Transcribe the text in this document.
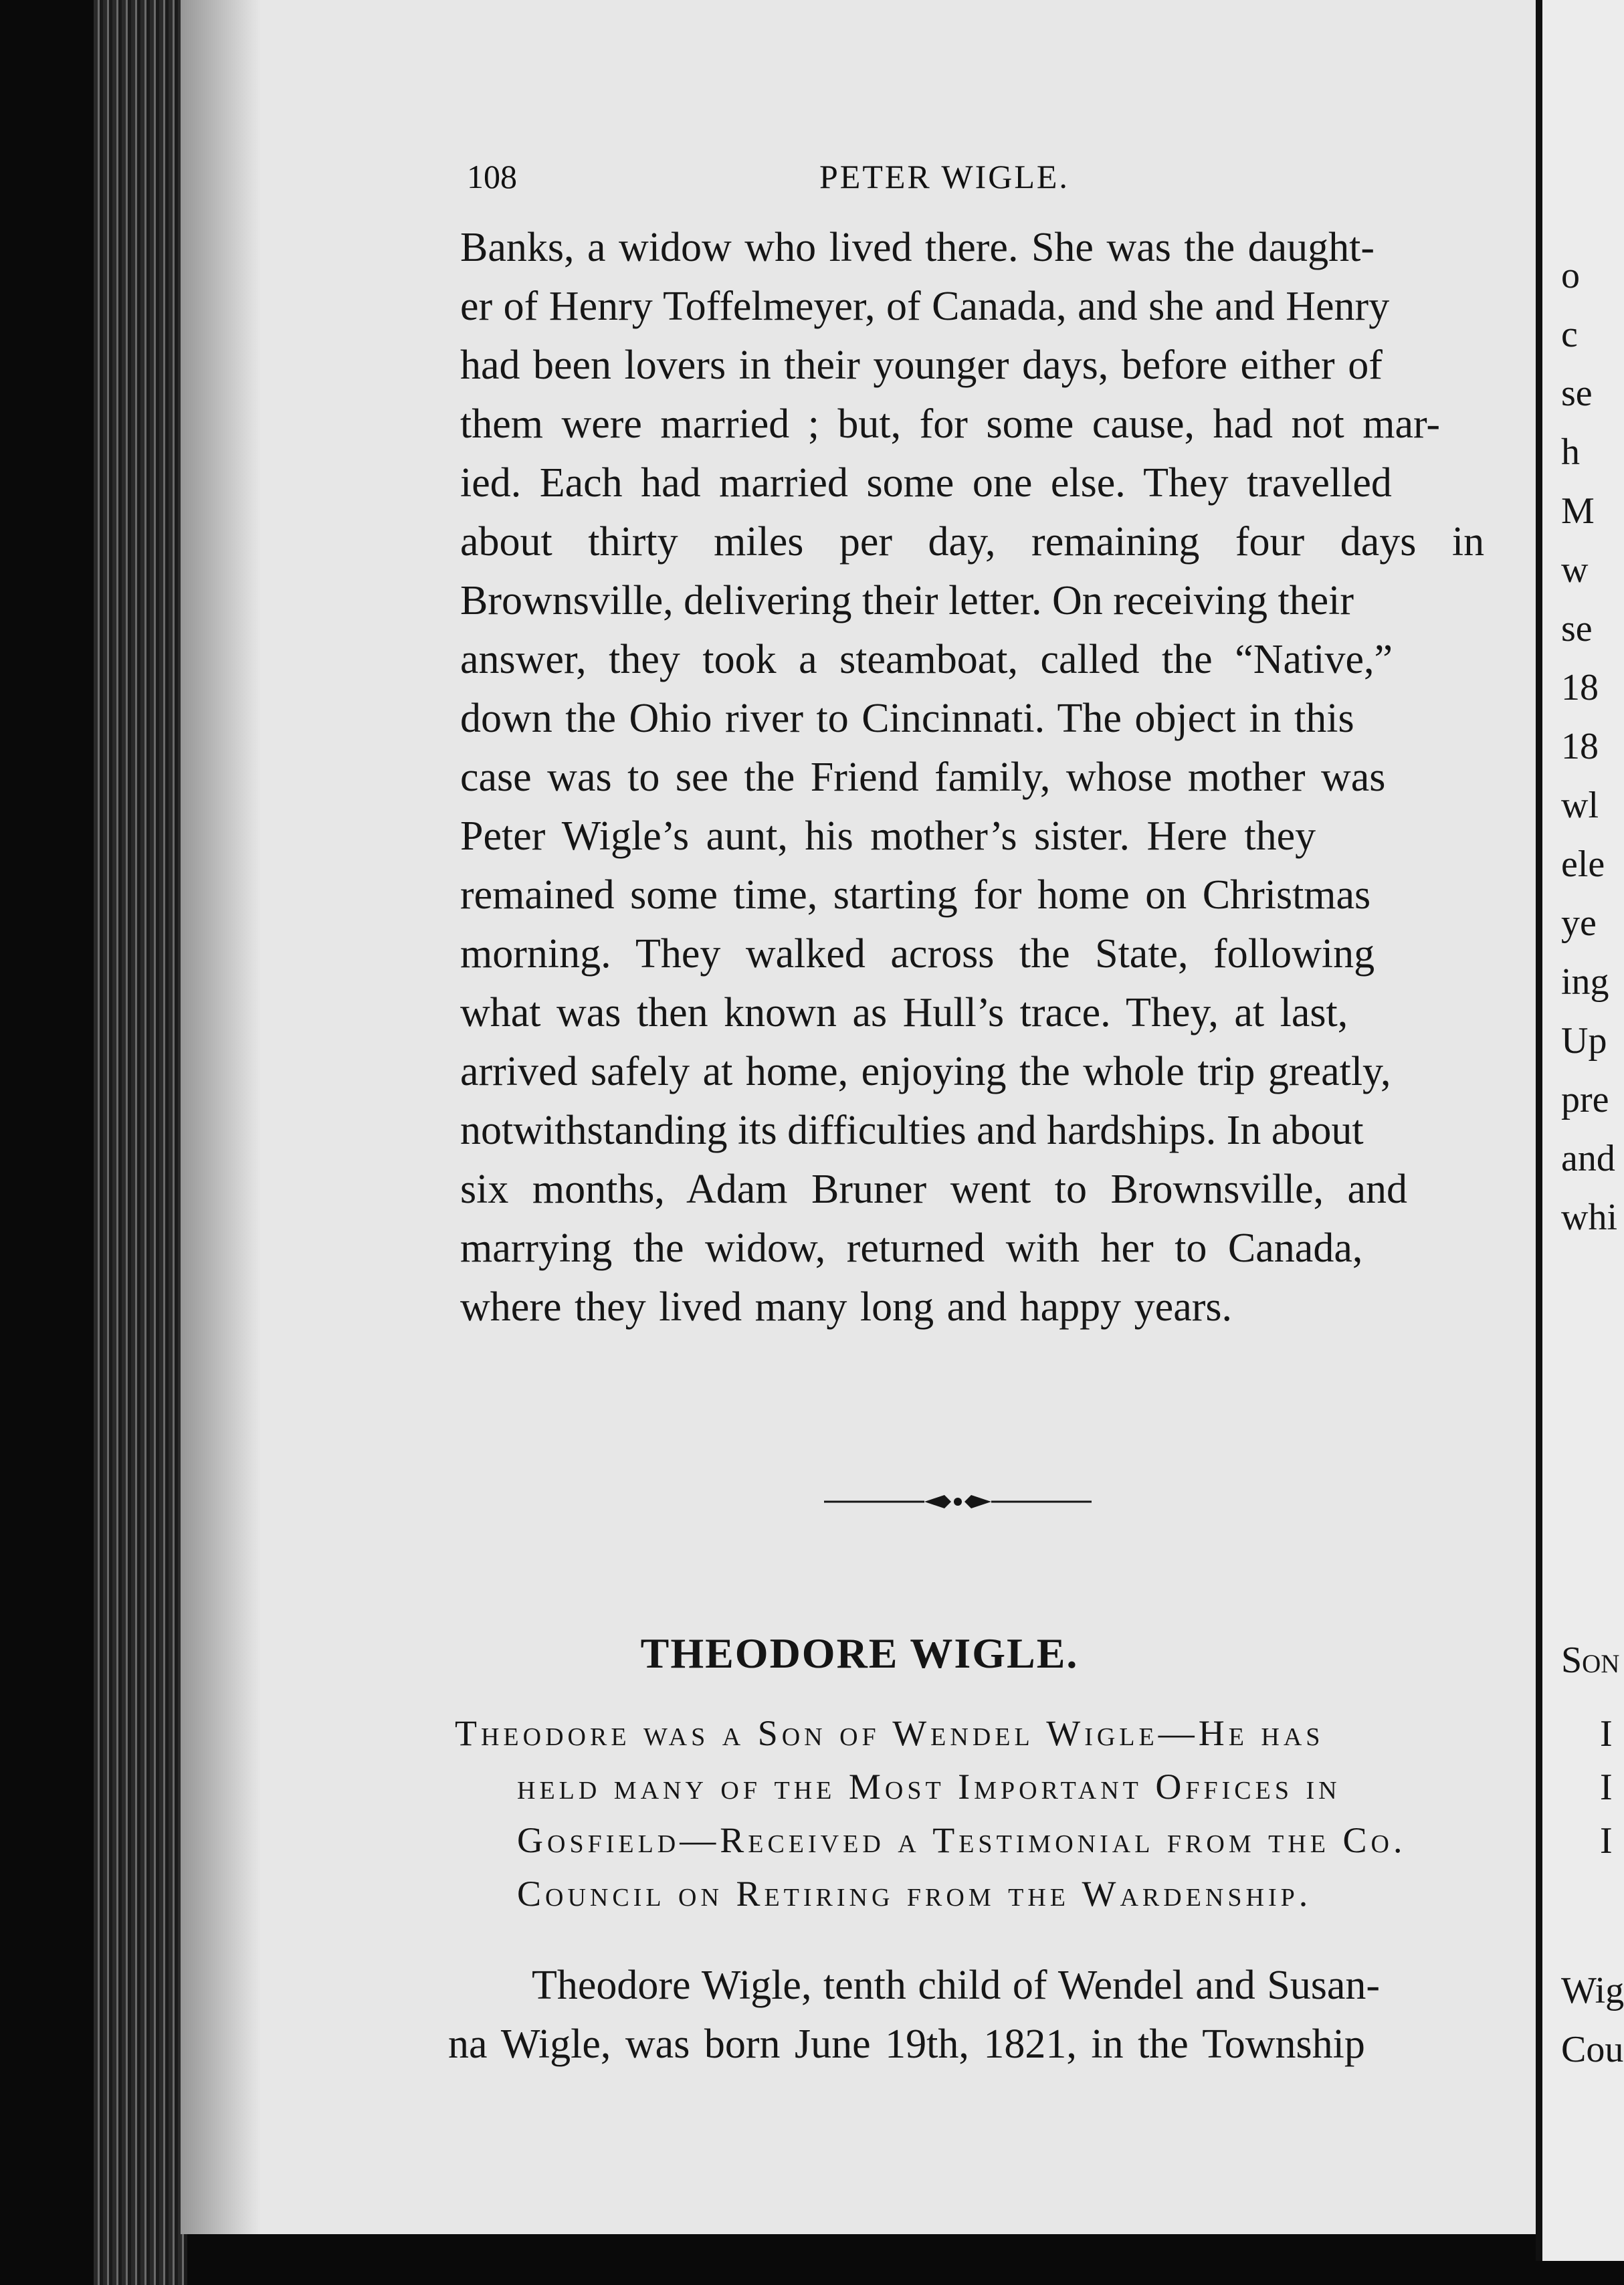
108	PETER WIGLE.

Banks, a widow who lived there. She was the daught-

er of Henry Toffelmeyer, of Canada, and she and Henry

had been lovers in their younger days, before either of

them were married ; but, for some cause, had not mar-

ied. Each had married some one else. They travelled

about thirty miles per day, remaining four days in

Brownsville, delivering their letter. On receiving their

answer, they took a steamboat, called the “Native,”

down the Ohio river to Cincinnati. The object in this

case was to see the Friend family, whose mother was

Peter Wigle’s aunt, his mother’s sister. Here they

remained some time, starting for home on Christmas

morning. They walked across the State, following

what was then known as Hull’s trace. They, at last,

arrived safely at home, enjoying the whole trip greatly,

notwithstanding its difficulties and hardships. In about

six months, Adam Bruner went to Brownsville, and

marrying the widow, returned with her to Canada,

where they lived many long and happy years.

THEODORE WIGLE.

Theodore was a Son of Wendel Wigle—He has

held many of the Most Important Offices in

Gosfield—Received a Testimonial from the Co.

Council on Retiring from the Wardenship.

Theodore Wigle, tenth child of Wendel and Susan-

na Wigle, was born June 19th, 1821, in the Township

o
c
se
h
M
w
se
18
18
wl
ele
ye
ing
Up
pre
and
whi
Son
I
I
I
Wig
Cou
